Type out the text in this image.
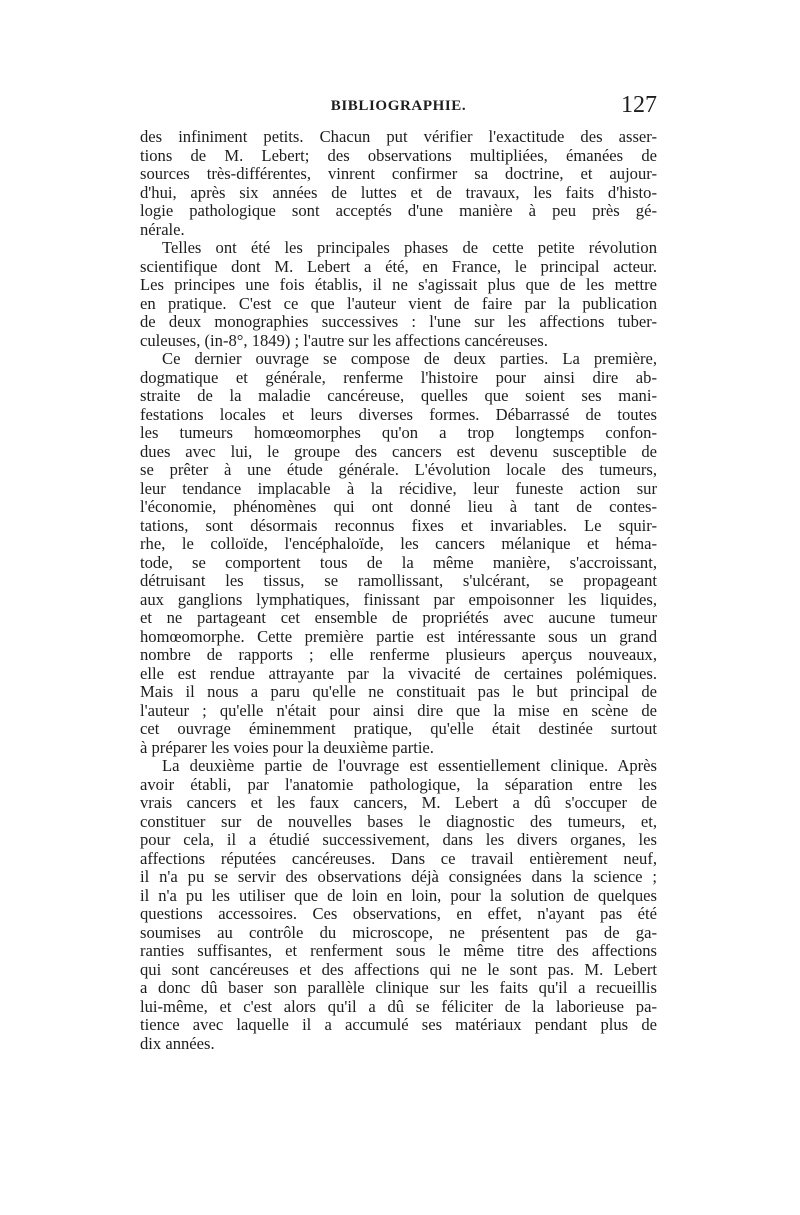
BIBLIOGRAPHIE.	127
des infiniment petits. Chacun put vérifier l'exactitude des asser-
tions de M. Lebert; des observations multipliées, émanées de
sources très-différentes, vinrent confirmer sa doctrine, et aujour-
d'hui, après six années de luttes et de travaux, les faits d'histo-
logie pathologique sont acceptés d'une manière à peu près gé-
nérale.
Telles ont été les principales phases de cette petite révolution
scientifique dont M. Lebert a été, en France, le principal acteur.
Les principes une fois établis, il ne s'agissait plus que de les mettre
en pratique. C'est ce que l'auteur vient de faire par la publication
de deux monographies successives : l'une sur les affections tuber-
culeuses, (in-8°, 1849) ; l'autre sur les affections cancéreuses.
Ce dernier ouvrage se compose de deux parties. La première,
dogmatique et générale, renferme l'histoire pour ainsi dire ab-
straite de la maladie cancéreuse, quelles que soient ses mani-
festations locales et leurs diverses formes. Débarrassé de toutes
les tumeurs homœomorphes qu'on a trop longtemps confon-
dues avec lui, le groupe des cancers est devenu susceptible de
se prêter à une étude générale. L'évolution locale des tumeurs,
leur tendance implacable à la récidive, leur funeste action sur
l'économie, phénomènes qui ont donné lieu à tant de contes-
tations, sont désormais reconnus fixes et invariables. Le squir-
rhe, le colloïde, l'encéphaloïde, les cancers mélanique et héma-
tode, se comportent tous de la même manière, s'accroissant,
détruisant les tissus, se ramollissant, s'ulcérant, se propageant
aux ganglions lymphatiques, finissant par empoisonner les liquides,
et ne partageant cet ensemble de propriétés avec aucune tumeur
homœomorphe. Cette première partie est intéressante sous un grand
nombre de rapports ; elle renferme plusieurs aperçus nouveaux,
elle est rendue attrayante par la vivacité de certaines polémiques.
Mais il nous a paru qu'elle ne constituait pas le but principal de
l'auteur ; qu'elle n'était pour ainsi dire que la mise en scène de
cet ouvrage éminemment pratique, qu'elle était destinée surtout
à préparer les voies pour la deuxième partie.
La deuxième partie de l'ouvrage est essentiellement clinique. Après
avoir établi, par l'anatomie pathologique, la séparation entre les
vrais cancers et les faux cancers, M. Lebert a dû s'occuper de
constituer sur de nouvelles bases le diagnostic des tumeurs, et,
pour cela, il a étudié successivement, dans les divers organes, les
affections réputées cancéreuses. Dans ce travail entièrement neuf,
il n'a pu se servir des observations déjà consignées dans la science ;
il n'a pu les utiliser que de loin en loin, pour la solution de quelques
questions accessoires. Ces observations, en effet, n'ayant pas été
soumises au contrôle du microscope, ne présentent pas de ga-
ranties suffisantes, et renferment sous le même titre des affections
qui sont cancéreuses et des affections qui ne le sont pas. M. Lebert
a donc dû baser son parallèle clinique sur les faits qu'il a recueillis
lui-même, et c'est alors qu'il a dû se féliciter de la laborieuse pa-
tience avec laquelle il a accumulé ses matériaux pendant plus de
dix années.
